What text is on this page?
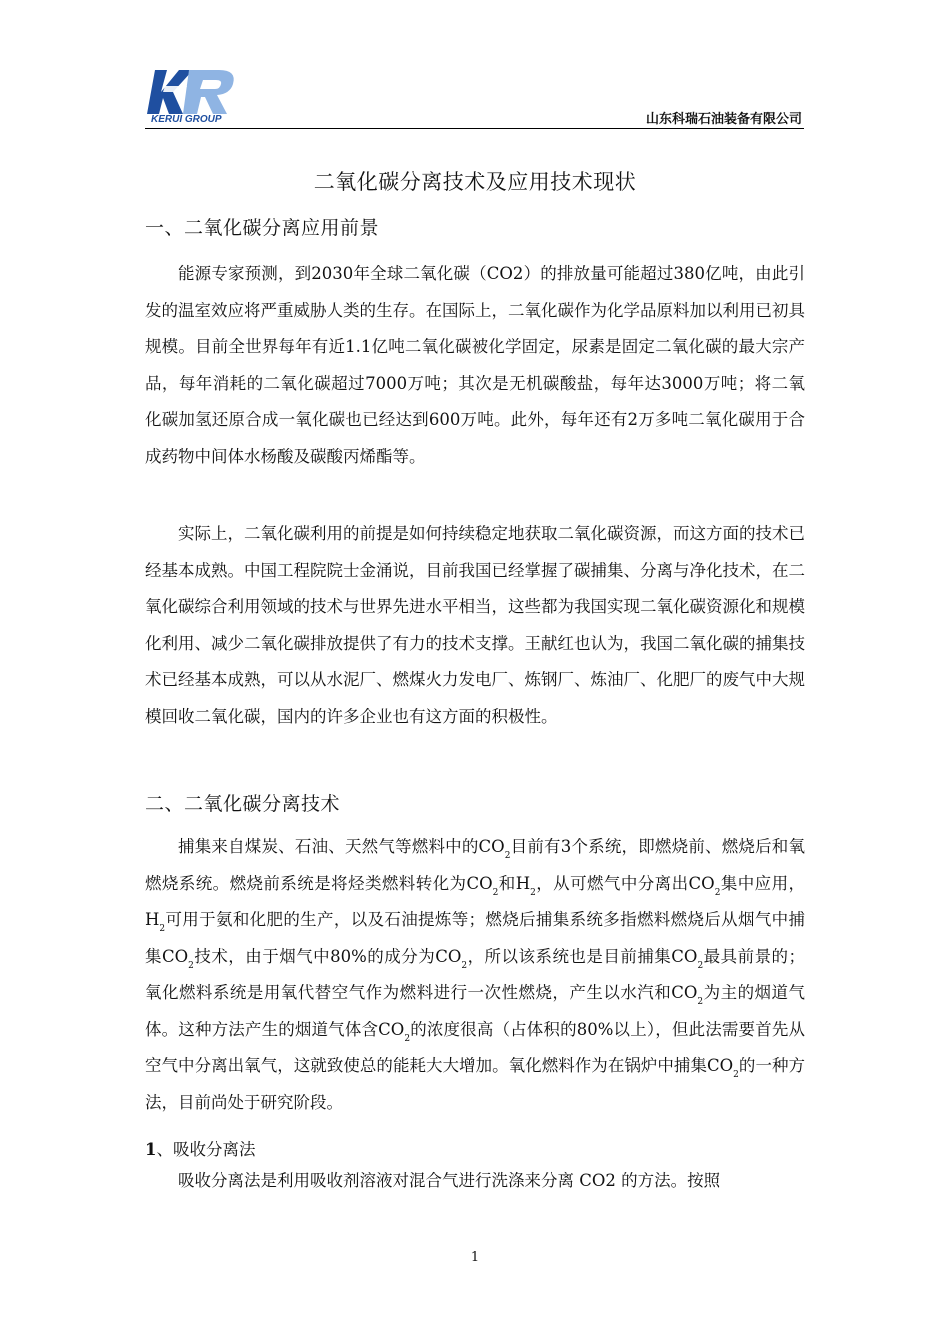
KERUI GROUP	山东科瑞石油装备有限公司
二氧化碳分离技术及应用技术现状
一、二氧化碳分离应用前景

能源专家预测，到2030年全球二氧化碳（CO2）的排放量可能超过380亿吨，由此引发的温室效应将严重威胁人类的生存。在国际上，二氧化碳作为化学品原料加以利用已初具规模。目前全世界每年有近1.1亿吨二氧化碳被化学固定，尿素是固定二氧化碳的最大宗产品，每年消耗的二氧化碳超过7000万吨；其次是无机碳酸盐，每年达3000万吨；将二氧化碳加氢还原合成一氧化碳也已经达到600万吨。此外，每年还有2万多吨二氧化碳用于合成药物中间体水杨酸及碳酸丙烯酯等。

实际上，二氧化碳利用的前提是如何持续稳定地获取二氧化碳资源，而这方面的技术已经基本成熟。中国工程院院士金涌说，目前我国已经掌握了碳捕集、分离与净化技术，在二氧化碳综合利用领域的技术与世界先进水平相当，这些都为我国实现二氧化碳资源化和规模化利用、减少二氧化碳排放提供了有力的技术支撑。王献红也认为，我国二氧化碳的捕集技术已经基本成熟，可以从水泥厂、燃煤火力发电厂、炼钢厂、炼油厂、化肥厂的废气中大规模回收二氧化碳，国内的许多企业也有这方面的积极性。

二、二氧化碳分离技术

捕集来自煤炭、石油、天然气等燃料中的$CO_2$目前有3个系统，即燃烧前、燃烧后和氧燃烧系统。燃烧前系统是将烃类燃料转化为$CO_2$和$H_2$，从可燃气中分离出$CO_2$集中应用，$H_2$可用于氨和化肥的生产，以及石油提炼等；燃烧后捕集系统多指燃料燃烧后从烟气中捕集$CO_2$技术，由于烟气中80%的成分为$CO_2$，所以该系统也是目前捕集$CO_2$最具前景的；氧化燃料系统是用氧代替空气作为燃料进行一次性燃烧，产生以水汽和$CO_2$为主的烟道气体。这种方法产生的烟道气体含$CO_2$的浓度很高（占体积的80%以上），但此法需要首先从空气中分离出氧气，这就致使总的能耗大大增加。氧化燃料作为在锅炉中捕集$CO_2$的一种方法，目前尚处于研究阶段。

1、吸收分离法

吸收分离法是利用吸收剂溶液对混合气进行洗涤来分离 CO2 的方法。按照

1
